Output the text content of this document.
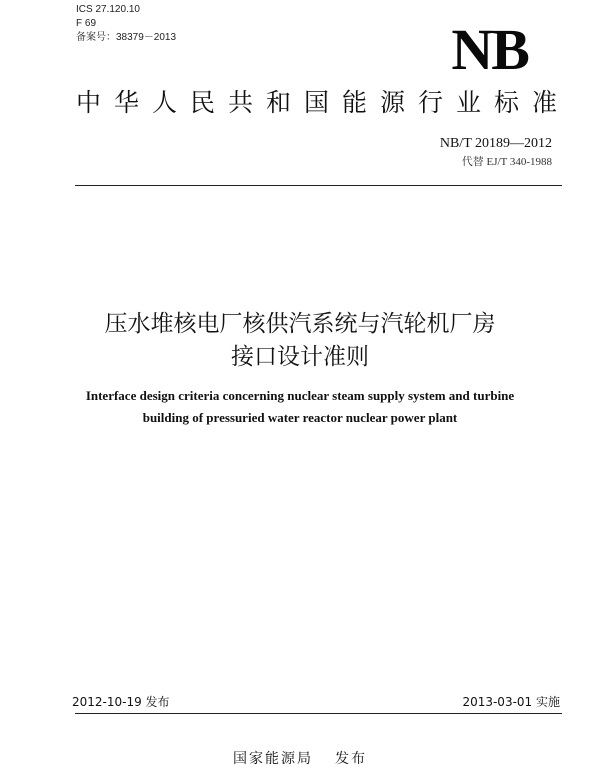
ICS 27.120.10
F 69
备案号：38379－2013	NB
中华人民共和国能源行业标准
NB/T 20189—2012
代替 EJ/T 340-1988
压水堆核电厂核供汽系统与汽轮机厂房
接口设计准则
Interface design criteria concerning nuclear steam supply system and turbine
building of pressuried water reactor nuclear power plant
2012-10-19 发布	2013-03-01 实施
国家能源局 发布
